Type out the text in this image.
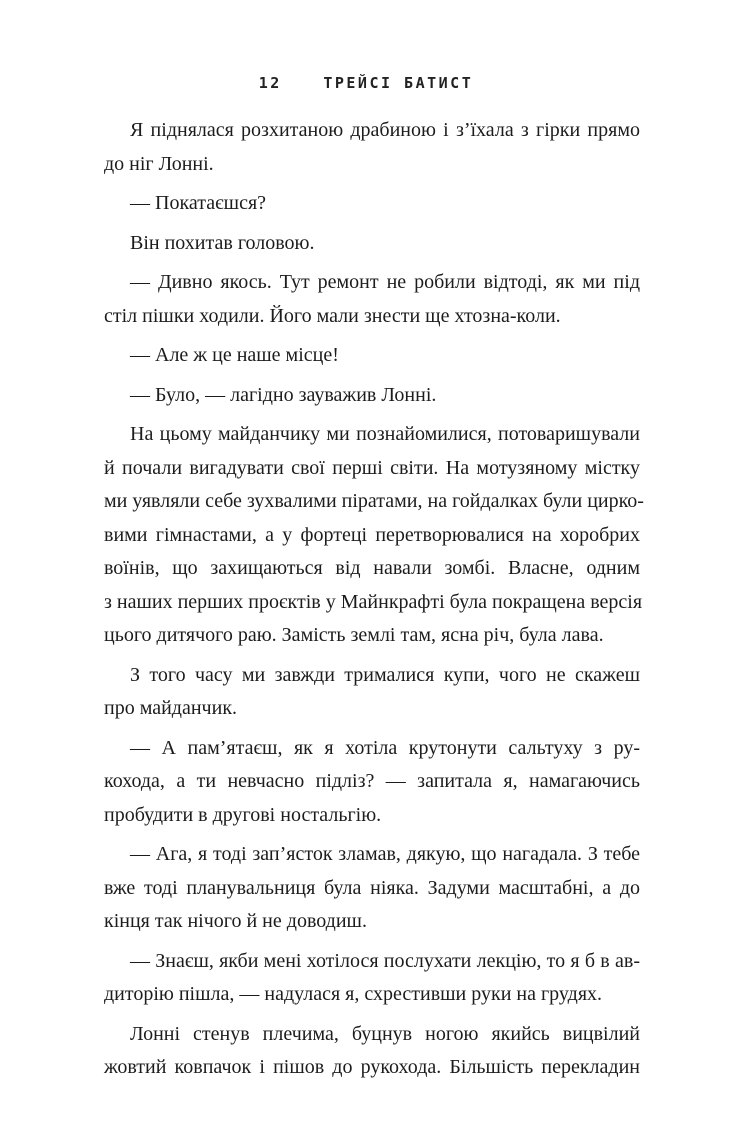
12	ТРЕЙСІ БАТИСТ
Я піднялася розхитаною драбиною і з’їхала з гірки прямо
до ніг Лонні.
— Покатаєшся?
Він похитав головою.
— Дивно якось. Тут ремонт не робили відтоді, як ми під
стіл пішки ходили. Його мали знести ще хтозна-коли.
— Але ж це наше місце!
— Було, — лагідно зауважив Лонні.
На цьому майданчику ми познайомилися, потоваришували
й почали вигадувати свої перші світи. На мотузяному містку
ми уявляли себе зухвалими піратами, на гойдалках були цирко-
вими гімнастами, а у фортеці перетворювалися на хоробрих
воїнів, що захищаються від навали зомбі. Власне, одним
з наших перших проєктів у Майнкрафті була покращена версія
цього дитячого раю. Замість землі там, ясна річ, була лава.
З того часу ми завжди трималися купи, чого не скажеш
про майданчик.
— А пам’ятаєш, як я хотіла крутонути сальтуху з ру-
кохода, а ти невчасно підліз? — запитала я, намагаючись
пробудити в другові ностальгію.
— Ага, я тоді зап’ясток зламав, дякую, що нагадала. З тебе
вже тоді планувальниця була ніяка. Задуми масштабні, а до
кінця так нічого й не доводиш.
— Знаєш, якби мені хотілося послухати лекцію, то я б в ав-
диторію пішла, — надулася я, схрестивши руки на грудях.
Лонні стенув плечима, буцнув ногою якийсь вицвілий
жовтий ковпачок і пішов до рукохода. Більшість перекладин
